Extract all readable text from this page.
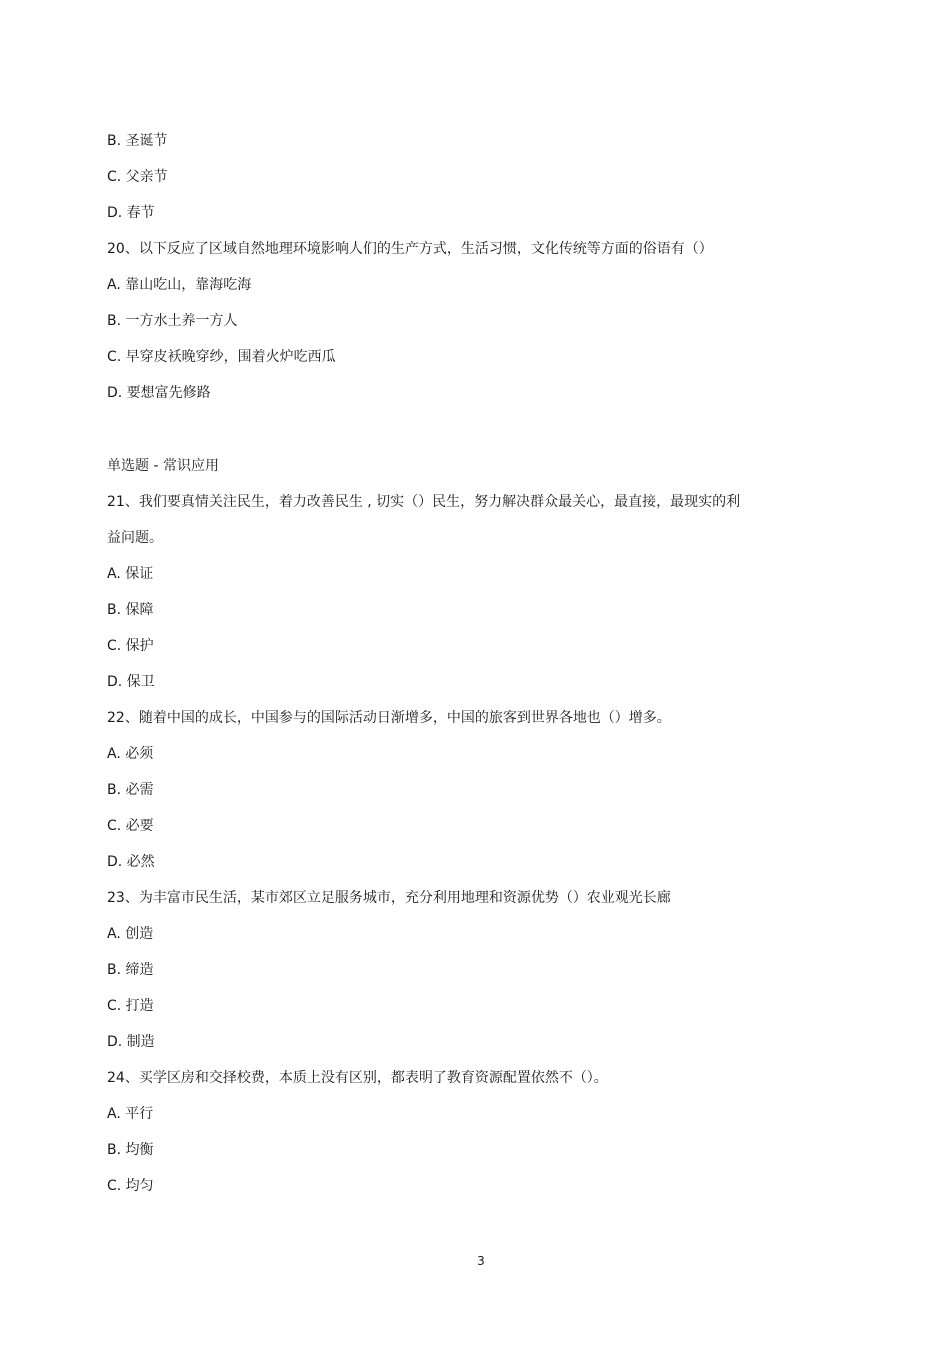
B. 圣诞节
C. 父亲节
D. 春节
20、以下反应了区域自然地理环境影响人们的生产方式，生活习惯，文化传统等方面的俗语有（）
A. 靠山吃山，靠海吃海
B. 一方水土养一方人
C. 早穿皮袄晚穿纱，围着火炉吃西瓜
D. 要想富先修路
单选题 - 常识应用
21、我们要真情关注民生，着力改善民生 , 切实（）民生，努力解决群众最关心，最直接，最现实的利
益问题。
A. 保证
B. 保障
C. 保护
D. 保卫
22、随着中国的成长，中国参与的国际活动日渐增多，中国的旅客到世界各地也（）增多。
A. 必须
B. 必需
C. 必要
D. 必然
23、为丰富市民生活，某市郊区立足服务城市，充分利用地理和资源优势（）农业观光长廊
A. 创造
B. 缔造
C. 打造
D. 制造
24、买学区房和交择校费，本质上没有区别，都表明了教育资源配置依然不（）。
A. 平行
B. 均衡
C. 均匀
3
